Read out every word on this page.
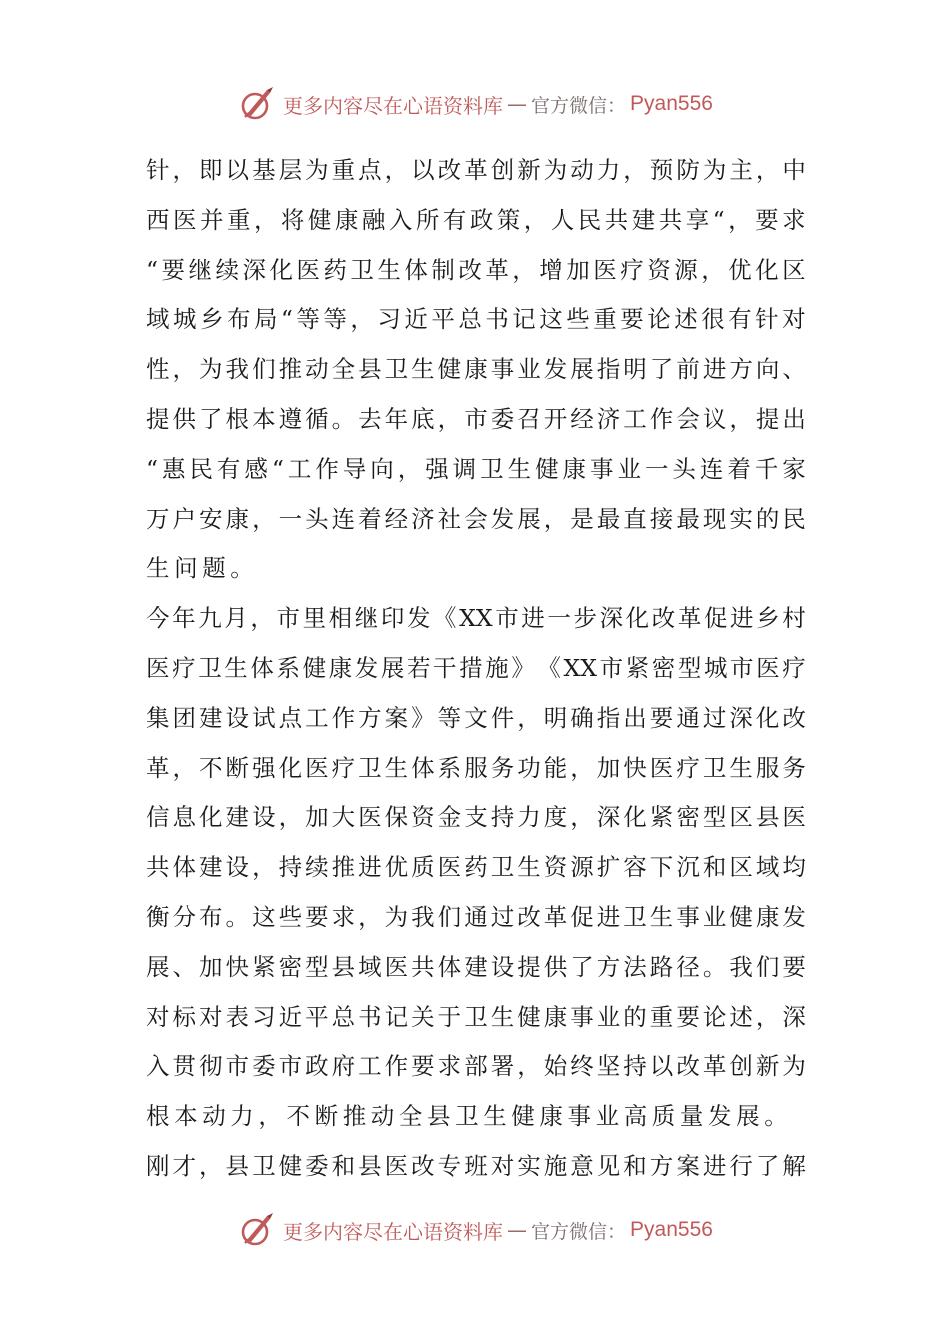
更多内容尽在心语资料库 — 官方微信： Pyan556
针 ， 即 以 基 层 为 重 点 ， 以 改 革 创 新 为 动 力 ， 预 防 为 主 ， 中
西 医 并 重 ， 将 健 康 融 入 所 有 政 策 ， 人 民 共 建 共 享 “ ， 要 求
“ 要 继 续 深 化 医 药 卫 生 体 制 改 革 ， 增 加 医 疗 资 源 ， 优 化 区
域 城 乡 布 局 “ 等 等 ， 习 近 平 总 书 记 这 些 重 要 论 述 很 有 针 对
性 ， 为 我 们 推 动 全 县 卫 生 健 康 事 业 发 展 指 明 了 前 进 方 向 、
提 供 了 根 本 遵 循 。 去 年 底 ， 市 委 召 开 经 济 工 作 会 议 ， 提 出
“ 惠 民 有 感 “ 工 作 导 向 ， 强 调 卫 生 健 康 事 业 一 头 连 着 千 家
万 户 安 康 ， 一 头 连 着 经 济 社 会 发 展 ， 是 最 直 接 最 现 实 的 民
生问题。
今 年 九 月 ， 市 里 相 继 印 发 《 XX 市 进 一 步 深 化 改 革 促 进 乡 村
医 疗 卫 生 体 系 健 康 发 展 若 干 措 施 》 《 XX 市 紧 密 型 城 市 医 疗
集 团 建 设 试 点 工 作 方 案 》 等 文 件 ， 明 确 指 出 要 通 过 深 化 改
革 ， 不 断 强 化 医 疗 卫 生 体 系 服 务 功 能 ， 加 快 医 疗 卫 生 服 务
信 息 化 建 设 ， 加 大 医 保 资 金 支 持 力 度 ， 深 化 紧 密 型 区 县 医
共 体 建 设 ， 持 续 推 进 优 质 医 药 卫 生 资 源 扩 容 下 沉 和 区 域 均
衡 分 布 。 这 些 要 求 ， 为 我 们 通 过 改 革 促 进 卫 生 事 业 健 康 发
展 、 加 快 紧 密 型 县 域 医 共 体 建 设 提 供 了 方 法 路 径 。 我 们 要
对 标 对 表 习 近 平 总 书 记 关 于 卫 生 健 康 事 业 的 重 要 论 述 ， 深
入 贯 彻 市 委 市 政 府 工 作 要 求 部 署 ， 始 终 坚 持 以 改 革 创 新 为
根本动力，不断推动全县卫生健康事业高质量发展。
刚 才 ， 县 卫 健 委 和 县 医 改 专 班 对 实 施 意 见 和 方 案 进 行 了 解
更多内容尽在心语资料库 — 官方微信： Pyan556
